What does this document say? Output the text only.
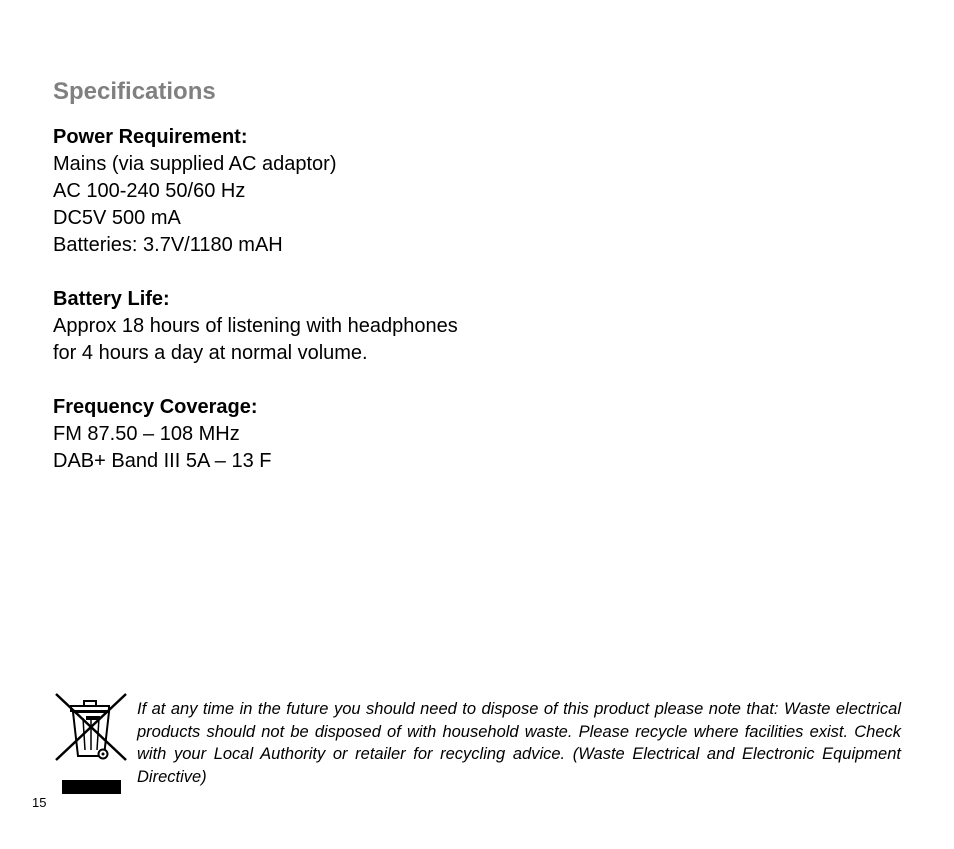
Specifications

Power Requirement:

Mains (via supplied AC adaptor)

AC 100-240 50/60 Hz

DC5V 500 mA

Batteries: 3.7V/1180 mAH

Battery Life:

Approx 18 hours of listening with headphones

for 4 hours a day at normal volume.

Frequency Coverage:

FM 87.50 – 108 MHz

DAB+ Band III 5A – 13 F

If at any time in the future you should need to dispose of this product please note that: Waste electrical products should not be disposed of with household waste. Please recycle where facilities exist. Check with your Local Authority or retailer for recycling advice. (Waste Electrical and Electronic Equipment Directive)

15
